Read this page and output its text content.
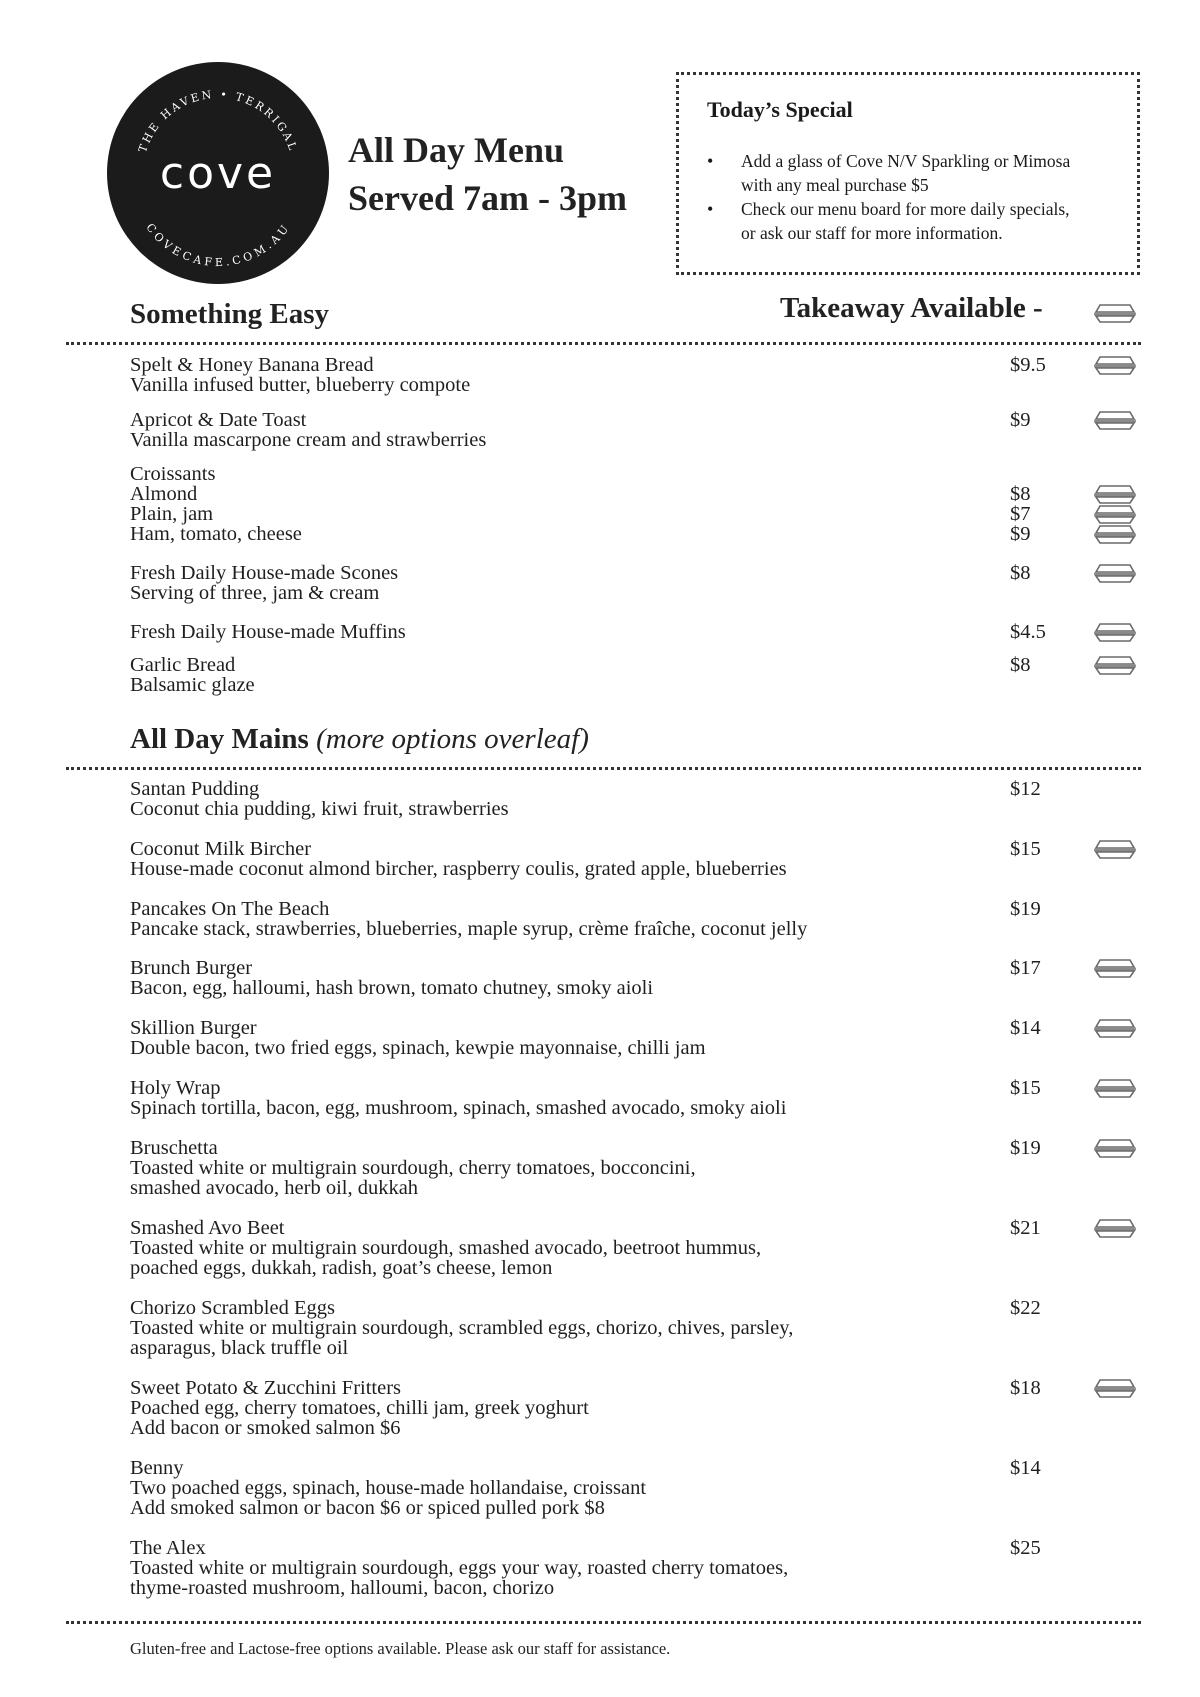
THE HAVEN • TERRIGAL
COVECAFE.COM.AU
cove All Day Menu
Served 7am - 3pm
Today’s Special
• Add a glass of Cove N/V Sparkling or Mimosa
with any meal purchase $5
• Check our menu board for more daily specials,
or ask our staff for more information.
Something Easy	Takeaway Available -
Spelt & Honey Banana Bread
Vanilla infused butter, blueberry compote
$9.5
Apricot & Date Toast
Vanilla mascarpone cream and strawberries
$9
Croissants
Almond
Plain, jam
Ham, tomato, cheese
$8
$7
$9
Fresh Daily House-made Scones
Serving of three, jam & cream
$8
Fresh Daily House-made Muffins	$4.5
Garlic Bread
Balsamic glaze
$8
All Day Mains (more options overleaf)
Santan Pudding
Coconut chia pudding, kiwi fruit, strawberries
$12
Coconut Milk Bircher
House-made coconut almond bircher, raspberry coulis, grated apple, blueberries
$15
Pancakes On The Beach
Pancake stack, strawberries, blueberries, maple syrup, crème fraîche, coconut jelly
$19
Brunch Burger
Bacon, egg, halloumi, hash brown, tomato chutney, smoky aioli
$17
Skillion Burger
Double bacon, two fried eggs, spinach, kewpie mayonnaise, chilli jam
$14
Holy Wrap
Spinach tortilla, bacon, egg, mushroom, spinach, smashed avocado, smoky aioli
$15
Bruschetta
Toasted white or multigrain sourdough, cherry tomatoes, bocconcini,
smashed avocado, herb oil, dukkah
$19
Smashed Avo Beet
Toasted white or multigrain sourdough, smashed avocado, beetroot hummus,
poached eggs, dukkah, radish, goat’s cheese, lemon
$21
Chorizo Scrambled Eggs
Toasted white or multigrain sourdough, scrambled eggs, chorizo, chives, parsley,
asparagus, black truffle oil
$22
Sweet Potato & Zucchini Fritters
Poached egg, cherry tomatoes, chilli jam, greek yoghurt
Add bacon or smoked salmon $6
$18
Benny
Two poached eggs, spinach, house-made hollandaise, croissant
Add smoked salmon or bacon $6 or spiced pulled pork $8
$14
The Alex
Toasted white or multigrain sourdough, eggs your way, roasted cherry tomatoes,
thyme-roasted mushroom, halloumi, bacon, chorizo
$25
Gluten-free and Lactose-free options available. Please ask our staff for assistance.
